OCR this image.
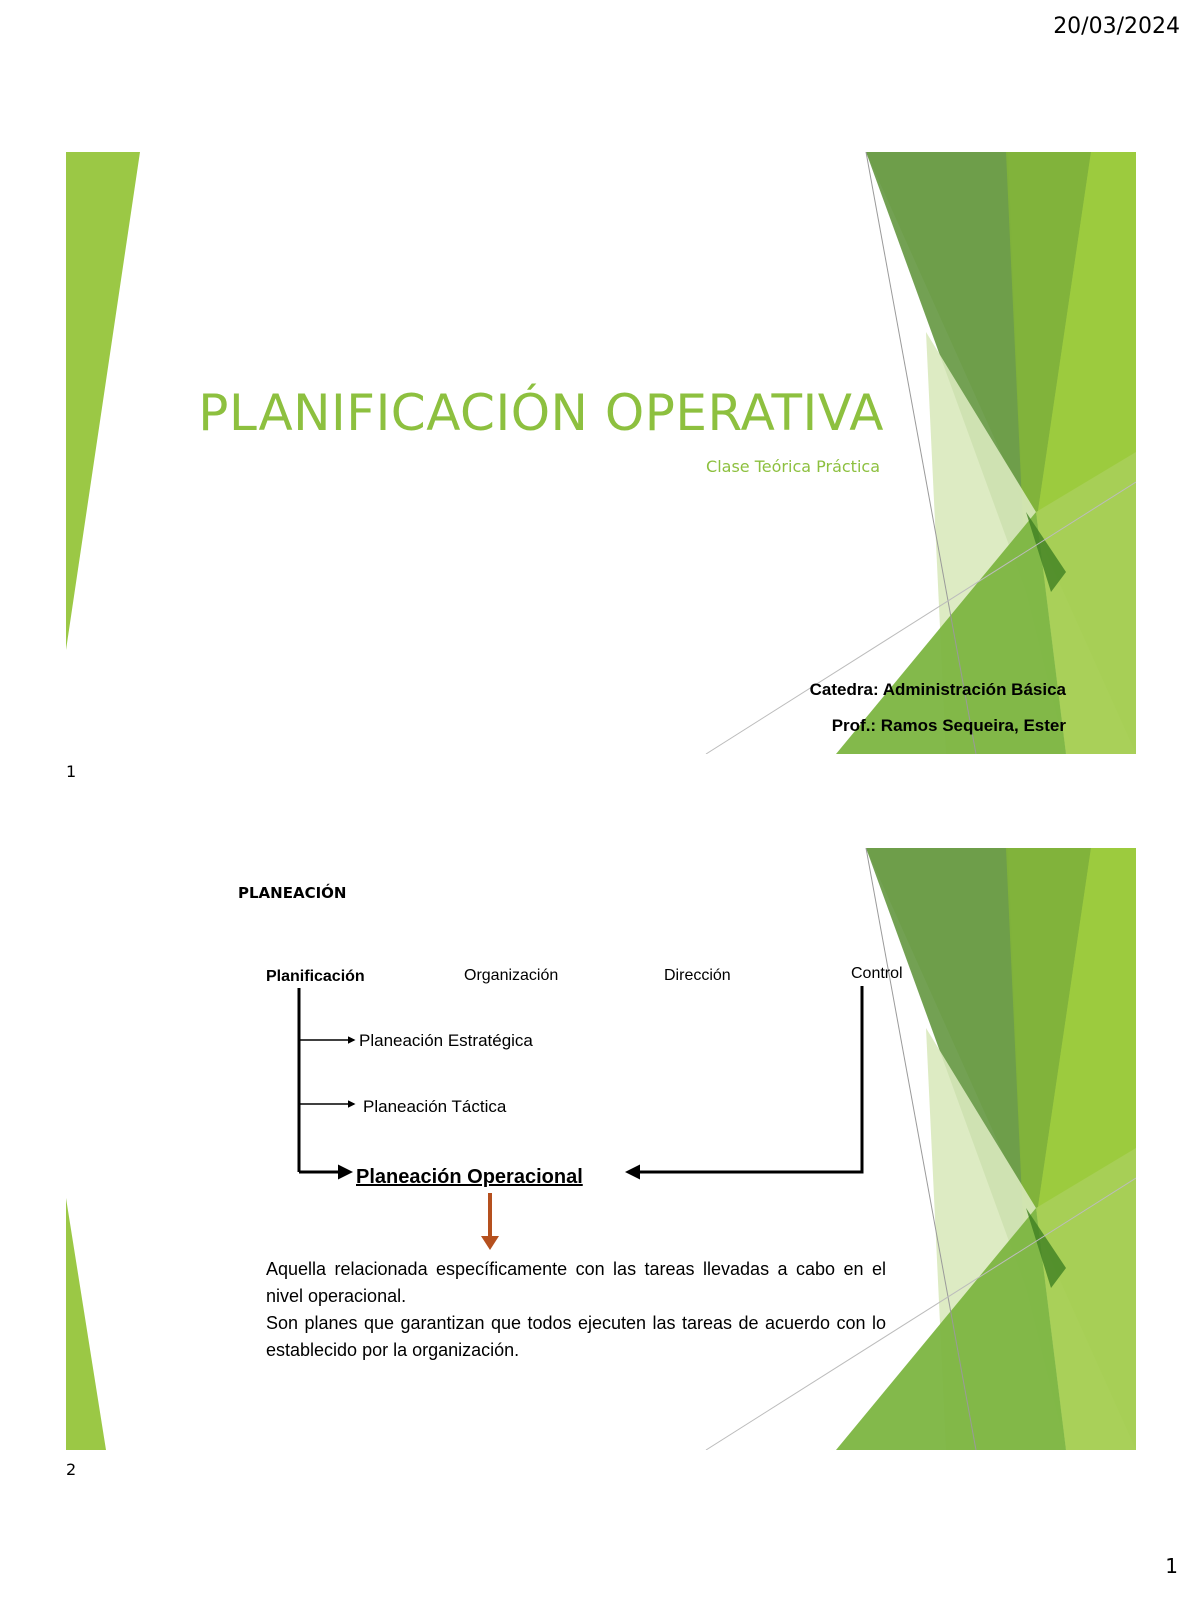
20/03/2024
PLANIFICACIÓN OPERATIVA
Clase Teórica Práctica
Catedra: Administración Básica
Prof.: Ramos Sequeira, Ester
1
PLANEACIÓN
Planificación	Organización	Dirección	Control
Planeación Estratégica
Planeación Táctica
Planeación Operacional

Aquella relacionada específicamente con las tareas llevadas a cabo en el nivel operacional.

Son planes que garantizan que todos ejecuten las tareas de acuerdo con lo establecido por la organización.

2
1
